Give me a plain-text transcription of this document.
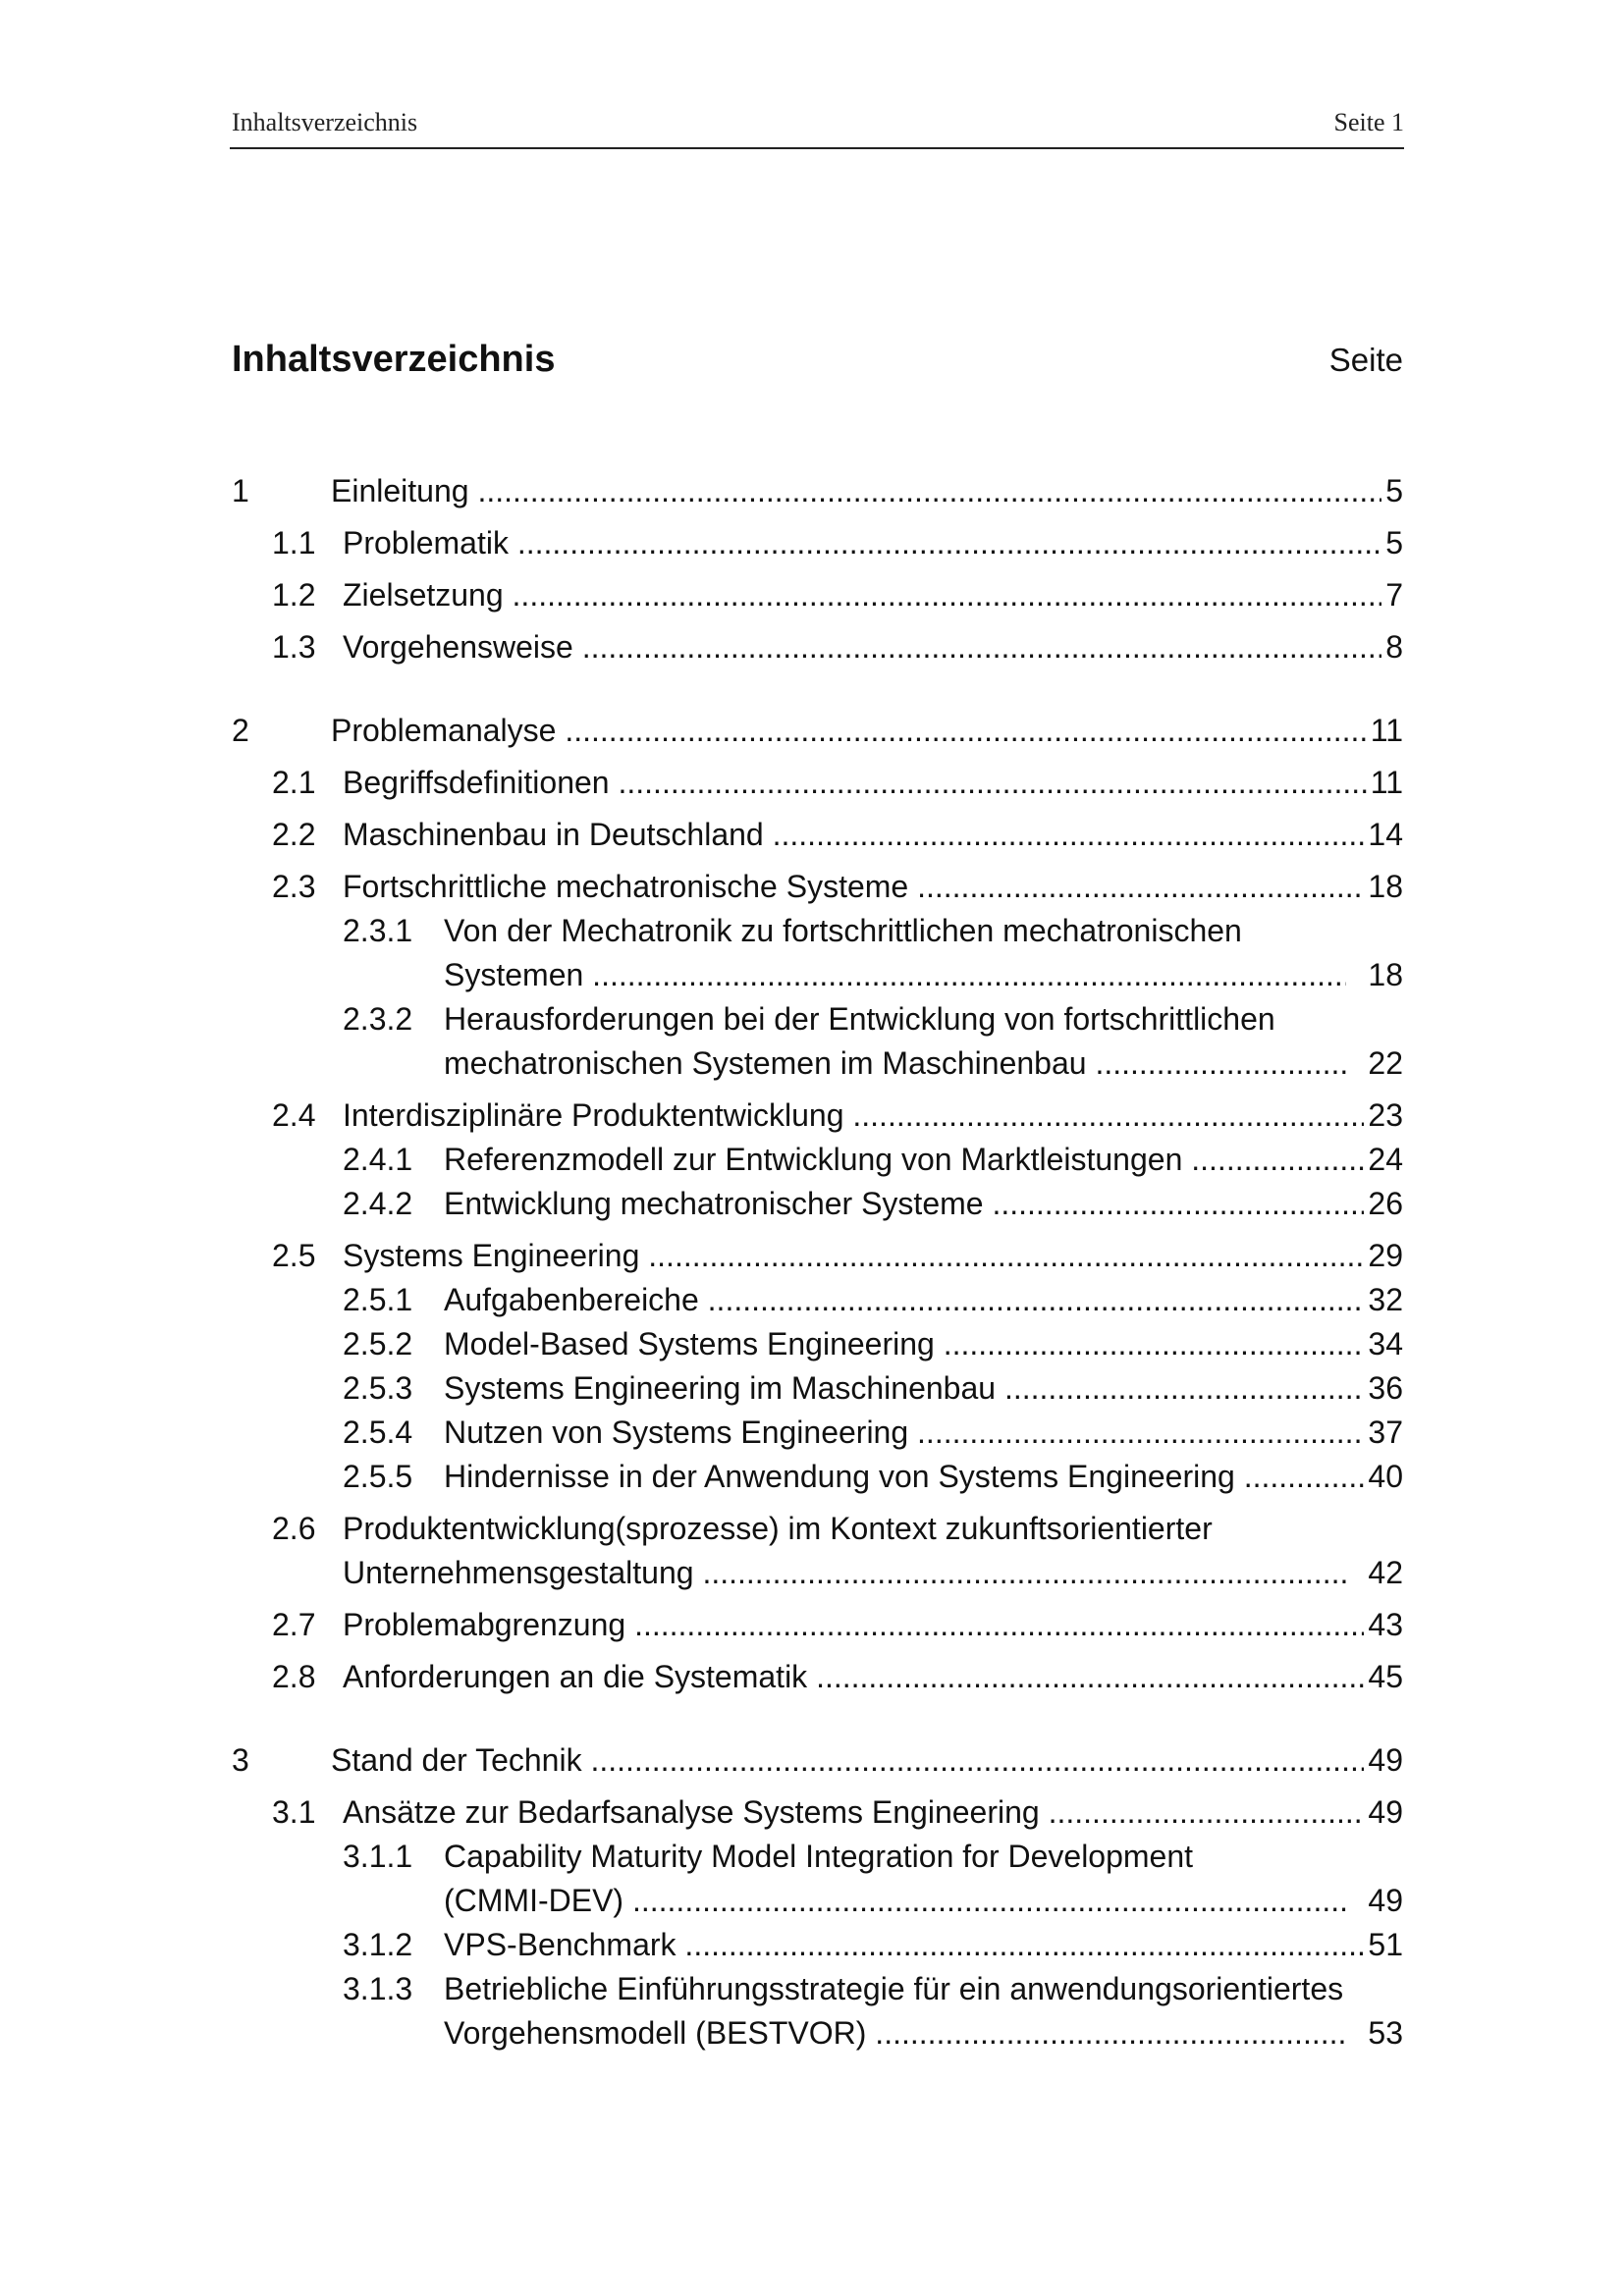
Inhaltsverzeichnis	Seite 1
Inhaltsverzeichnis	Seite
1	Einleitung .....	5
1.1 Problematik .....	5
1.2 Zielsetzung .....	7
1.3 Vorgehensweise .....	8
2	Problemanalyse .....	11
2.1 Begriffsdefinitionen .....	11
2.2 Maschinenbau in Deutschland .....	14
2.3 Fortschrittliche mechatronische Systeme .....	18
2.3.1 Von der Mechatronik zu fortschrittlichen mechatronischen
Systemen .....	18
2.3.2 Herausforderungen bei der Entwicklung von fortschrittlichen
mechatronischen Systemen im Maschinenbau .....	22
2.4 Interdisziplinäre Produktentwicklung .....	23
2.4.1 Referenzmodell zur Entwicklung von Marktleistungen .....	24
2.4.2 Entwicklung mechatronischer Systeme .....	26
2.5 Systems Engineering .....	29
2.5.1 Aufgabenbereiche .....	32
2.5.2 Model-Based Systems Engineering .....	34
2.5.3 Systems Engineering im Maschinenbau .....	36
2.5.4 Nutzen von Systems Engineering .....	37
2.5.5 Hindernisse in der Anwendung von Systems Engineering .....	40
2.6 Produktentwicklung(sprozesse) im Kontext zukunftsorientierter
Unternehmensgestaltung .....	42
2.7 Problemabgrenzung .....	43
2.8 Anforderungen an die Systematik .....	45
3	Stand der Technik .....	49
3.1 Ansätze zur Bedarfsanalyse Systems Engineering .....	49
3.1.1 Capability Maturity Model Integration for Development
(CMMI-DEV) .....	49
3.1.2 VPS-Benchmark .....	51
3.1.3 Betriebliche Einführungsstrategie für ein anwendungsorientiertes
Vorgehensmodell (BESTVOR) .....	53
